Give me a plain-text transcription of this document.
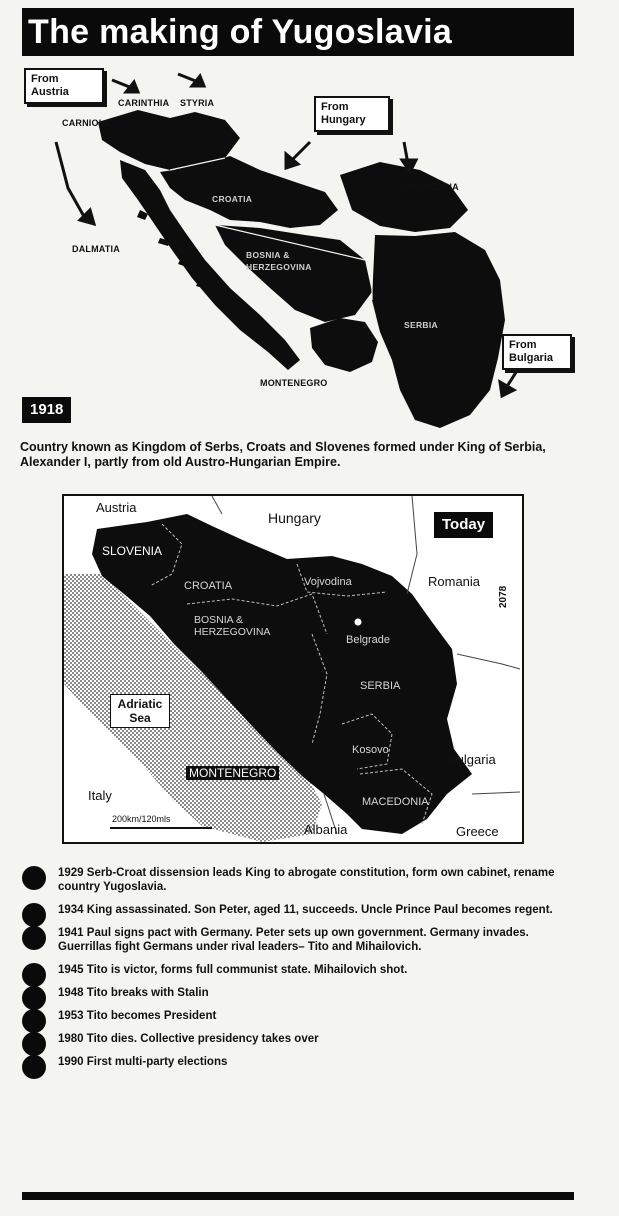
The making of Yugoslavia
CARINTHIA STYRIA
CARNIOLA
CROATIA
VOJVODINA
DALMATIA
BOSNIA &
HERZEGOVINA
SERBIA
MONTENEGRO
From
Austria
From
Hungary
From
Bulgaria
1918
Country known as Kingdom of Serbs, Croats and Slovenes formed under King of Serbia, Alexander I, partly from old Austro-Hungarian Empire.
Austria
Hungary	Today
SLOVENIA
CROATIA	Vojvodina	Romania
BOSNIA &
HERZEGOVINA
Belgrade
SERBIA
Adriatic
Sea
Kosovo
Bulgaria
MONTENEGRO
Italy	MACEDONIA
200km/120mls
Albania	Greece
2078
1929 Serb-Croat dissension leads King to abrogate constitution, form own cabinet, rename country Yugoslavia.
1934 King assassinated. Son Peter, aged 11, succeeds. Uncle Prince Paul becomes regent.
1941 Paul signs pact with Germany. Peter sets up own government. Germany invades. Guerrillas fight Germans under rival leaders– Tito and Mihailovich.
1945 Tito is victor, forms full communist state. Mihailovich shot.
1948 Tito breaks with Stalin
1953 Tito becomes President
1980 Tito dies. Collective presidency takes over
1990 First multi-party elections
